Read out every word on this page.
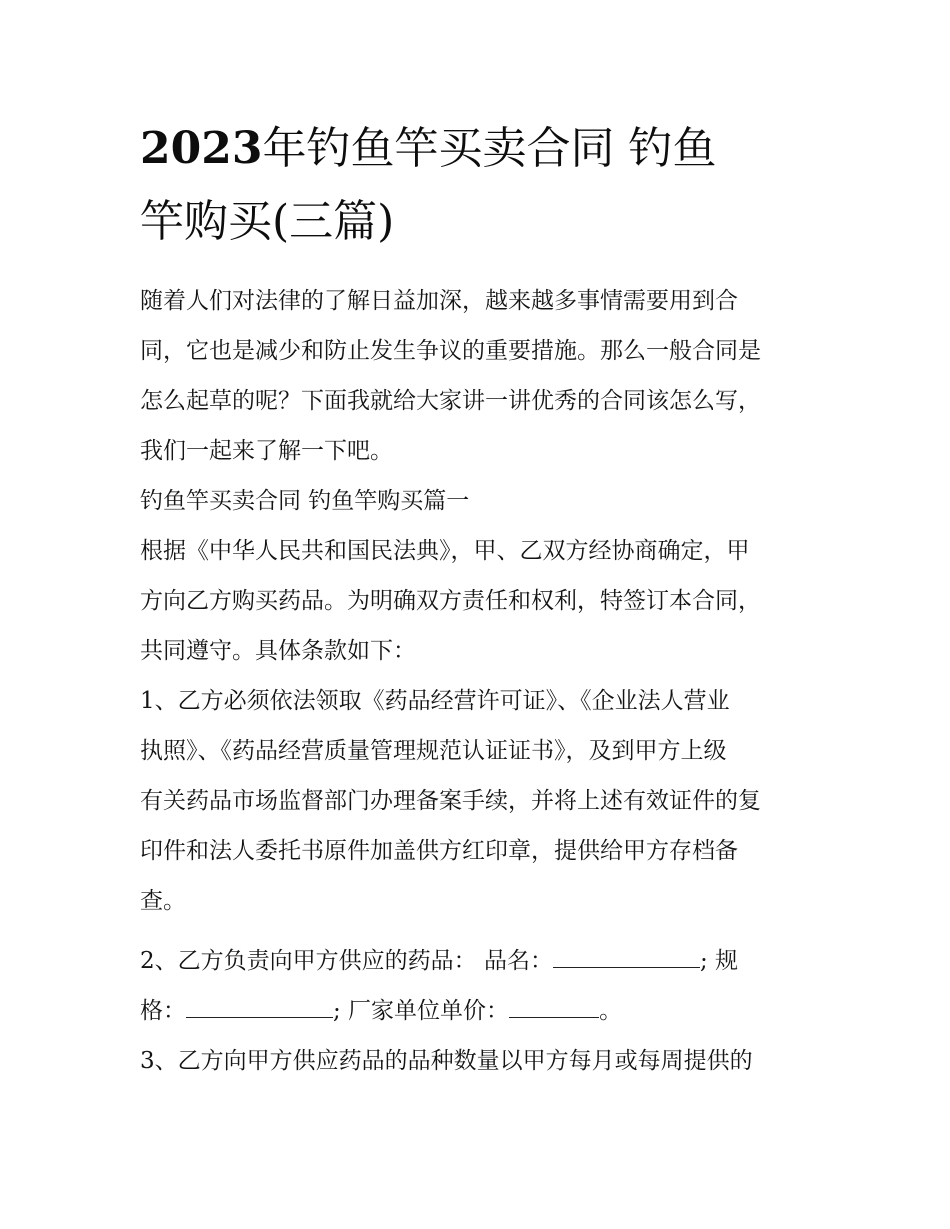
2023年钓鱼竿买卖合同 钓鱼
竿购买(三篇)
随着人们对法律的了解日益加深，越来越多事情需要用到合
同，它也是减少和防止发生争议的重要措施。那么一般合同是
怎么起草的呢？下面我就给大家讲一讲优秀的合同该怎么写，
我们一起来了解一下吧。
钓鱼竿买卖合同 钓鱼竿购买篇一
根据《中华人民共和国民法典》，甲、乙双方经协商确定，甲
方向乙方购买药品。为明确双方责任和权利，特签订本合同，
共同遵守。具体条款如下：
1、乙方必须依法领取《药品经营许可证》、《企业法人营业
执照》、《药品经营质量管理规范认证证书》，及到甲方上级
有关药品市场监督部门办理备案手续，并将上述有效证件的复
印件和法人委托书原件加盖供方红印章，提供给甲方存档备
查。
2、乙方负责向甲方供应的药品： 品名：	; 规
格：	; 厂家单位单价：	。
3、乙方向甲方供应药品的品种数量以甲方每月或每周提供的
